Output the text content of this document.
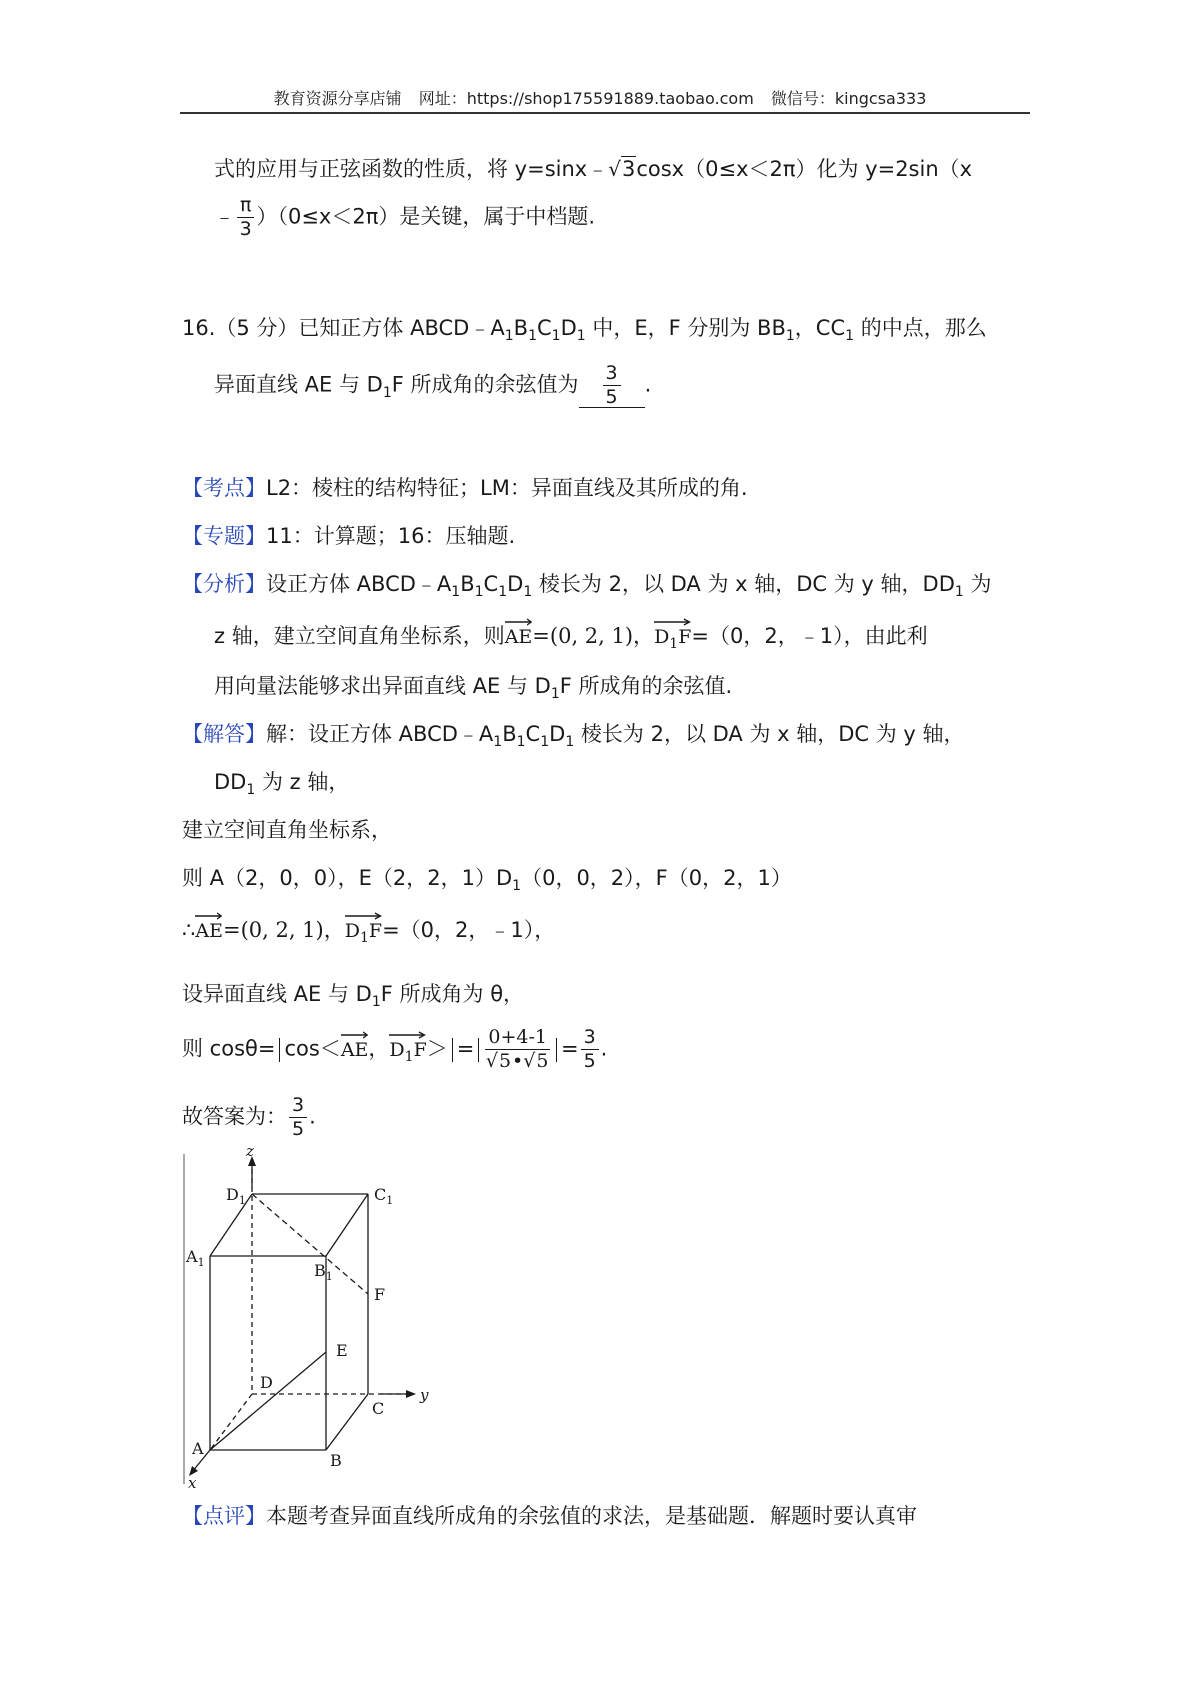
教育资源分享店铺 网址：https://shop175591889.taobao.com 微信号：kingcsa333
式的应用与正弦函数的性质，将 y=sinx﹣√3cosx（0≤x＜2π）化为 y=2sin（x
﹣ $\frac{\pi}{3} )(0\le x<2\pi)$是关键，属于中档题.
16.（5 分）已知正方体 $ABCD﹣A_1B_1C_1D_1$ 中，E，F 分别为 $BB_1$，$CC_1$ 的中点，那么
异面直线 AE 与 $D_1F$ 所成角的余弦值为 $\frac{3}{5}$ .
【考点】L2：棱柱的结构特征；LM：异面直线及其所成的角.
【专题】11：计算题；16：压轴题.
【分析】设正方体 $ABCD﹣A_1B_1C_1D_1$ 棱长为 2，以 DA 为 x 轴，DC 为 y 轴，$DD_1$ 为
z 轴，建立空间直角坐标系，则
AE=(0, 2, 1)，
$D_1F=(0$，2，﹣1），由此利
用向量法能够求出异面直线 AE 与 $D_1F$ 所成角的余弦值.
【解答】解：设正方体 $ABCD﹣A_1B_1C_1D_1$ 棱长为 2，以 DA 为 x 轴，DC 为 y 轴，
$DD_1$ 为 z 轴，
建立空间直角坐标系，
则 A（2，0，0），E（2，2，$1)D_1(0$，0，2），F（0，2，1）
∴
AE=(0, 2, 1)，
$D_1F=(0$，2，﹣1），
设异面直线 AE 与 $D_1F$ 所成角为 θ，
则 cosθ= cos＜
AE，
$D_1F> = \frac{0+4-1}{√5•√5} = \frac{3}{5}$ .
故答案为： $\frac{3}{5}$ .
z
y
x
$D_1$	$C_1$
$A_1$	$B_1$
F
E
D
C
A
B
【点评】本题考查异面直线所成角的余弦值的求法，是基础题．解题时要认真审
